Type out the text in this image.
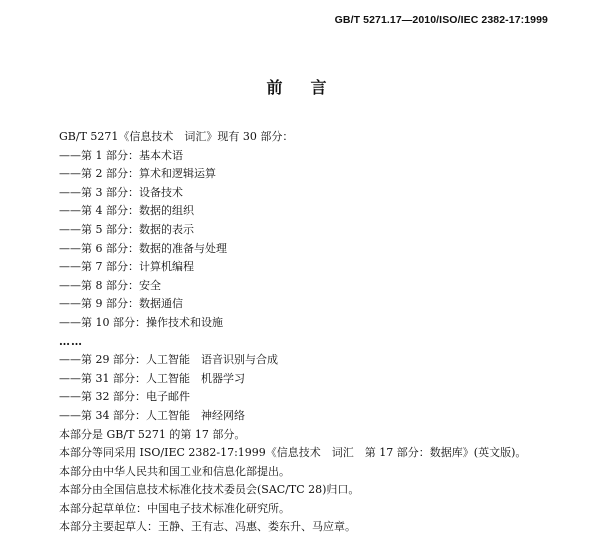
GB/T 5271.17—2010/ISO/IEC 2382-17:1999
前言
GB/T 5271《信息技术　词汇》现有 30 部分：
——第 1 部分：基本术语
——第 2 部分：算术和逻辑运算
——第 3 部分：设备技术
——第 4 部分：数据的组织
——第 5 部分：数据的表示
——第 6 部分：数据的准备与处理
——第 7 部分：计算机编程
——第 8 部分：安全
——第 9 部分：数据通信
——第 10 部分：操作技术和设施
……
——第 29 部分：人工智能　语音识别与合成
——第 31 部分：人工智能　机器学习
——第 32 部分：电子邮件
——第 34 部分：人工智能　神经网络
本部分是 GB/T 5271 的第 17 部分。
本部分等同采用 ISO/IEC 2382-17:1999《信息技术　词汇　第 17 部分：数据库》(英文版)。
本部分由中华人民共和国工业和信息化部提出。
本部分由全国信息技术标准化技术委员会(SAC/TC 28)归口。
本部分起草单位：中国电子技术标准化研究所。
本部分主要起草人：王静、王有志、冯惠、娄东升、马应章。
